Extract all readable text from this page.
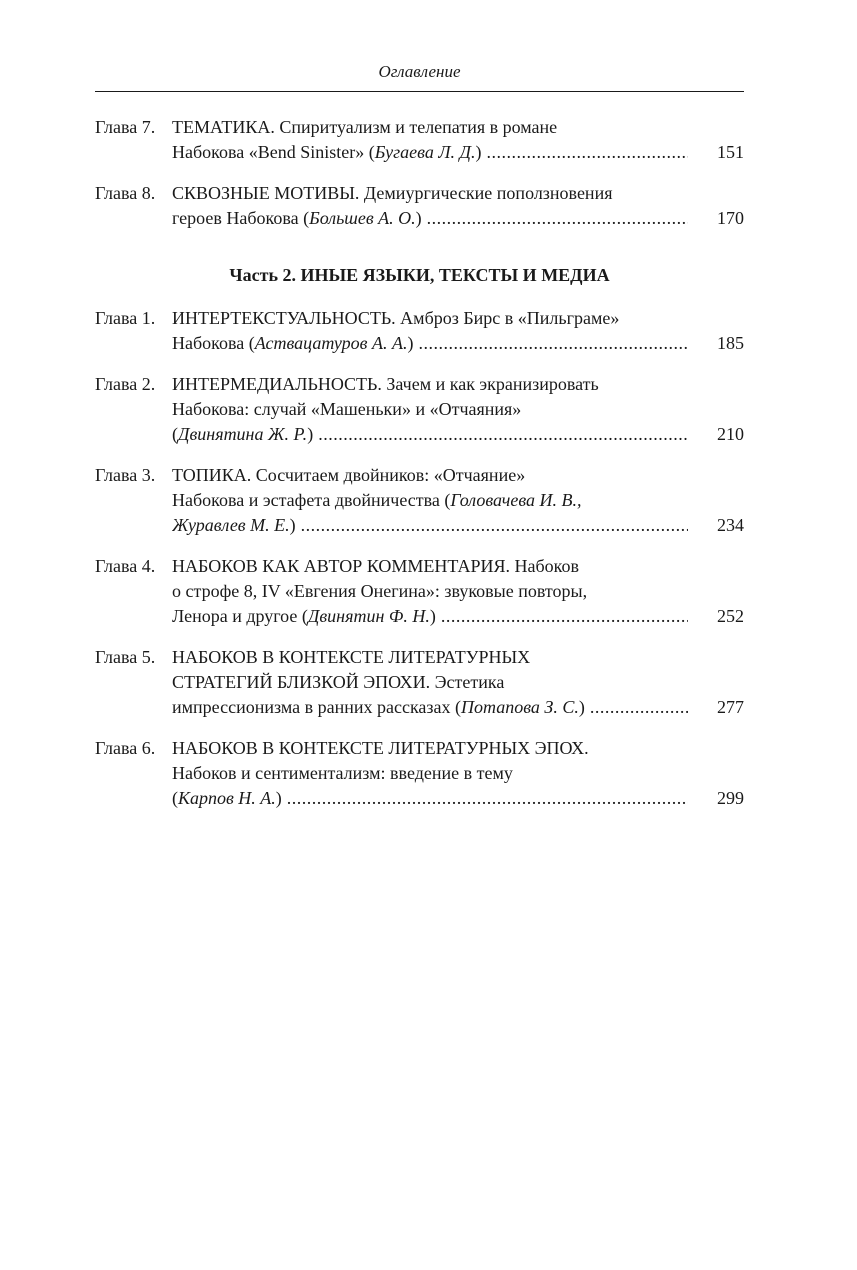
Оглавление
Глава 7. ТЕМАТИКА. Спиритуализм и телепатия в романе
Набокова «Bend Sinister» (Бугаева Л. Д.) .....	151
Глава 8. СКВОЗНЫЕ МОТИВЫ. Демиургические поползновения
героев Набокова (Большев А. О.) .....	170
Часть 2. ИНЫЕ ЯЗЫКИ, ТЕКСТЫ И МЕДИА
Глава 1. ИНТЕРТЕКСТУАЛЬНОСТЬ. Амброз Бирс в «Пильграме»
Набокова (Аствацатуров А. А.) .....	185
Глава 2. ИНТЕРМЕДИАЛЬНОСТЬ. Зачем и как экранизировать
Набокова: случай «Машеньки» и «Отчаяния»
(Двинятина Ж. Р.) .....	210
Глава 3. ТОПИКА. Сосчитаем двойников: «Отчаяние»
Набокова и эстафета двойничества (Головачева И. В.,
Журавлев М. Е.) .....	234
Глава 4. НАБОКОВ КАК АВТОР КОММЕНТАРИЯ. Набоков
о строфе 8, IV «Евгения Онегина»: звуковые повторы,
Ленора и другое (Двинятин Ф. Н.) .....	252
Глава 5. НАБОКОВ В КОНТЕКСТЕ ЛИТЕРАТУРНЫХ
СТРАТЕГИЙ БЛИЗКОЙ ЭПОХИ. Эстетика
импрессионизма в ранних рассказах (Потапова З. С.) .....	277
Глава 6. НАБОКОВ В КОНТЕКСТЕ ЛИТЕРАТУРНЫХ ЭПОХ.
Набоков и сентиментализм: введение в тему
(Карпов Н. А.) .....	299
